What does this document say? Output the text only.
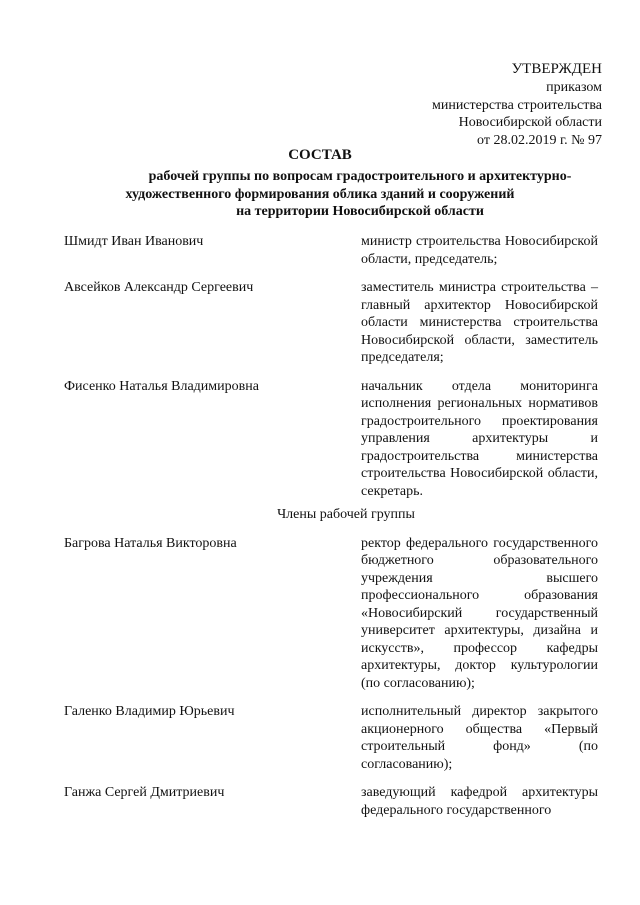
УТВЕРЖДЕН
приказом
министерства строительства
Новосибирской области
от 28.02.2019 г. № 97
СОСТАВ
рабочей группы по вопросам градостроительного и архитектурно-
художественного формирования облика зданий и сооружений
на территории Новосибирской области
Шмидт Иван Иванович	министр строительства Новосибирской области, председатель;
Авсейков Александр Сергеевич	заместитель министра строительства – главный архитектор Новосибирской области министерства строительства Новосибирской области, заместитель председателя;
Фисенко Наталья Владимировна	начальник отдела мониторинга исполнения региональных нормативов градостроительного проектирования управления архитектуры и градостроительства министерства строительства Новосибирской области, секретарь.
Члены рабочей группы
Багрова Наталья Викторовна	ректор федерального государственного бюджетного образовательного учреждения высшего профессионального образования «Новосибирский государственный университет архитектуры, дизайна и искусств», профессор кафедры архитектуры, доктор культурологии (по согласованию);
Галенко Владимир Юрьевич	исполнительный директор закрытого акционерного общества «Первый строительный фонд» (по согласованию);
Ганжа Сергей Дмитриевич	заведующий кафедрой архитектуры федерального государственного
